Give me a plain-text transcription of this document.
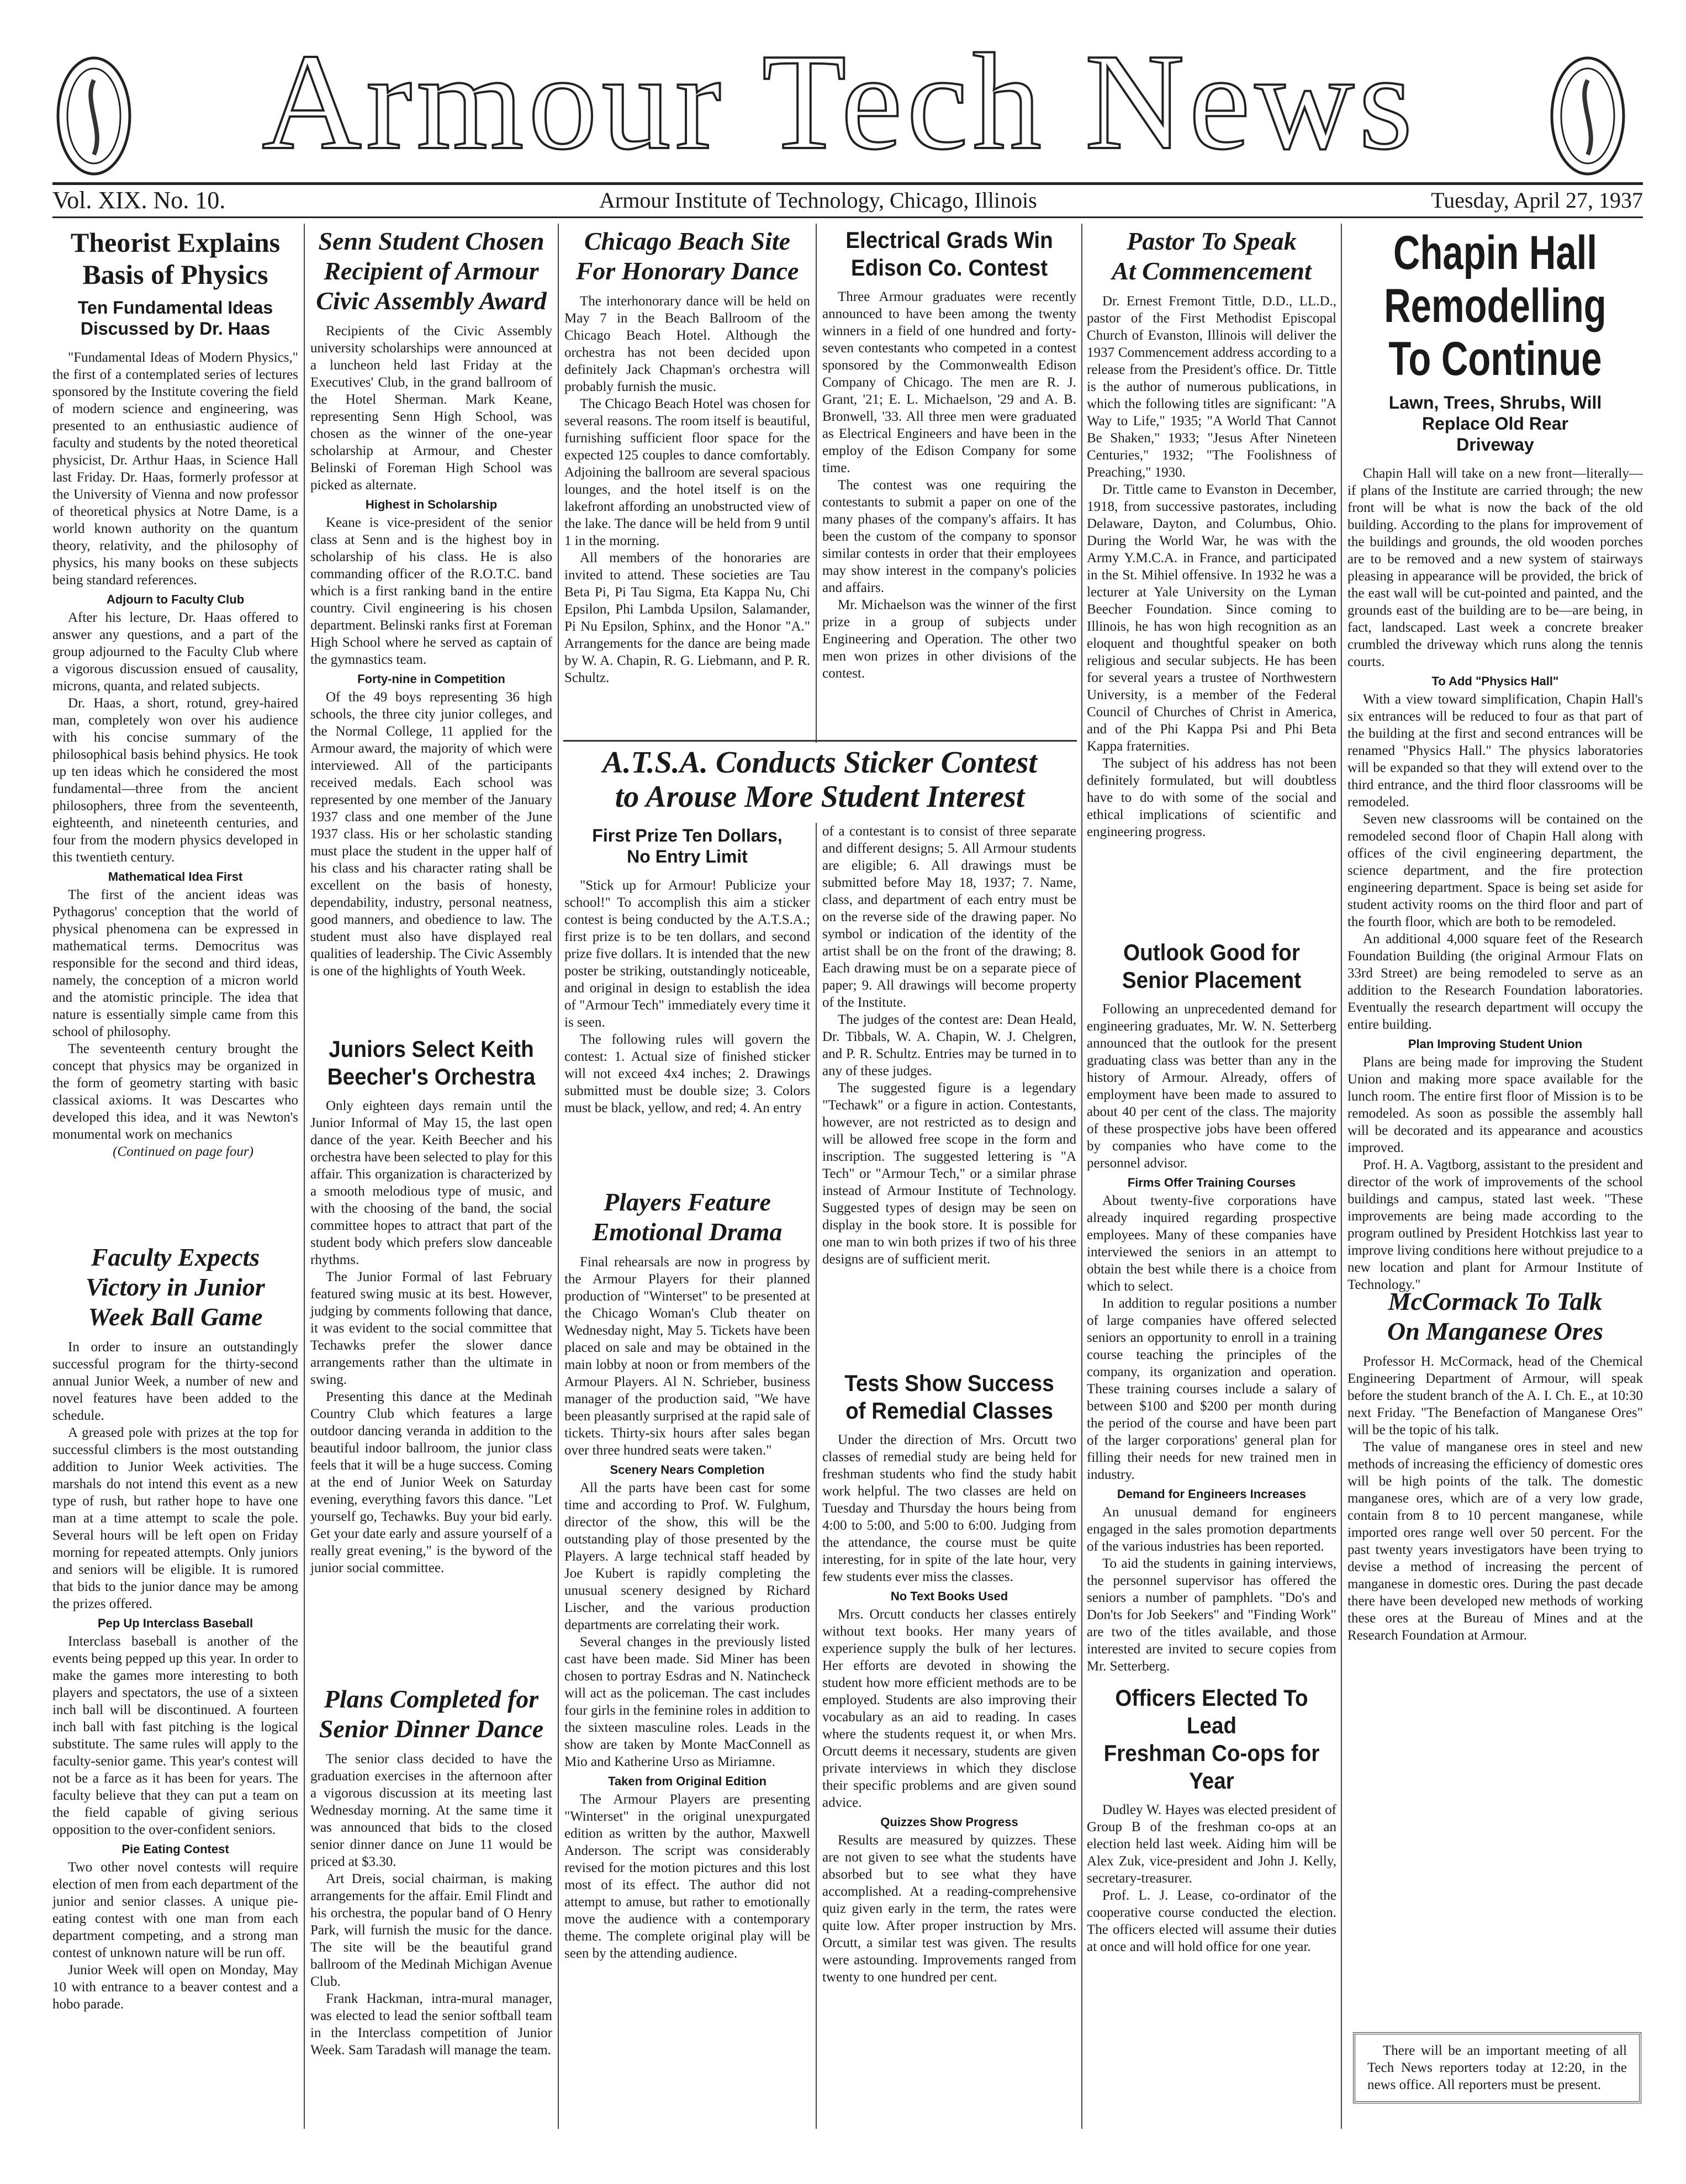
Armour Tech News
Vol. XIX. No. 10.	Armour Institute of Technology, Chicago, Illinois	Tuesday, April 27, 1937
Theorist Explains
Basis of Physics
Ten Fundamental Ideas
Discussed by Dr. Haas

"Fundamental Ideas of Modern Physics," the first of a contemplated series of lectures sponsored by the Institute covering the field of modern science and engineering, was presented to an enthusiastic audience of faculty and students by the noted theoretical physicist, Dr. Arthur Haas, in Science Hall last Friday. Dr. Haas, formerly professor at the University of Vienna and now professor of theoretical physics at Notre Dame, is a world known authority on the quantum theory, relativity, and the philosophy of physics, his many books on these subjects being standard references.

Adjourn to Faculty Club

After his lecture, Dr. Haas offered to answer any questions, and a part of the group adjourned to the Faculty Club where a vigorous discussion ensued of causality, microns, quanta, and related subjects.

Dr. Haas, a short, rotund, grey-haired man, completely won over his audience with his concise summary of the philosophical basis behind physics. He took up ten ideas which he considered the most fundamental—three from the ancient philosophers, three from the seventeenth, eighteenth, and nineteenth centuries, and four from the modern physics developed in this twentieth century.

Mathematical Idea First

The first of the ancient ideas was Pythagorus' conception that the world of physical phenomena can be expressed in mathematical terms. Democritus was responsible for the second and third ideas, namely, the conception of a micron world and the atomistic principle. The idea that nature is essentially simple came from this school of philosophy.

The seventeenth century brought the concept that physics may be organized in the form of geometry starting with basic classical axioms. It was Descartes who developed this idea, and it was Newton's monumental work on mechanics

(Continued on page four)

Faculty Expects
Victory in Junior
Week Ball Game

In order to insure an outstandingly successful program for the thirty-second annual Junior Week, a number of new and novel features have been added to the schedule.

A greased pole with prizes at the top for successful climbers is the most outstanding addition to Junior Week activities. The marshals do not intend this event as a new type of rush, but rather hope to have one man at a time attempt to scale the pole. Several hours will be left open on Friday morning for repeated attempts. Only juniors and seniors will be eligible. It is rumored that bids to the junior dance may be among the prizes offered.

Pep Up Interclass Baseball

Interclass baseball is another of the events being pepped up this year. In order to make the games more interesting to both players and spectators, the use of a sixteen inch ball will be discontinued. A fourteen inch ball with fast pitching is the logical substitute. The same rules will apply to the faculty-senior game. This year's contest will not be a farce as it has been for years. The faculty believe that they can put a team on the field capable of giving serious opposition to the over-confident seniors.

Pie Eating Contest

Two other novel contests will require election of men from each department of the junior and senior classes. A unique pie-eating contest with one man from each department competing, and a strong man contest of unknown nature will be run off.

Junior Week will open on Monday, May 10 with entrance to a beaver contest and a hobo parade.

Senn Student Chosen
Recipient of Armour
Civic Assembly Award

Recipients of the Civic Assembly university scholarships were announced at a luncheon held last Friday at the Executives' Club, in the grand ballroom of the Hotel Sherman. Mark Keane, representing Senn High School, was chosen as the winner of the one-year scholarship at Armour, and Chester Belinski of Foreman High School was picked as alternate.

Highest in Scholarship

Keane is vice-president of the senior class at Senn and is the highest boy in scholarship of his class. He is also commanding officer of the R.O.T.C. band which is a first ranking band in the entire country. Civil engineering is his chosen department. Belinski ranks first at Foreman High School where he served as captain of the gymnastics team.

Forty-nine in Competition

Of the 49 boys representing 36 high schools, the three city junior colleges, and the Normal College, 11 applied for the Armour award, the majority of which were interviewed. All of the participants received medals. Each school was represented by one member of the January 1937 class and one member of the June 1937 class. His or her scholastic standing must place the student in the upper half of his class and his character rating shall be excellent on the basis of honesty, dependability, industry, personal neatness, good manners, and obedience to law. The student must also have displayed real qualities of leadership. The Civic Assembly is one of the highlights of Youth Week.

Juniors Select Keith
Beecher's Orchestra

Only eighteen days remain until the Junior Informal of May 15, the last open dance of the year. Keith Beecher and his orchestra have been selected to play for this affair. This organization is characterized by a smooth melodious type of music, and with the choosing of the band, the social committee hopes to attract that part of the student body which prefers slow danceable rhythms.

The Junior Formal of last February featured swing music at its best. However, judging by comments following that dance, it was evident to the social committee that Techawks prefer the slower dance arrangements rather than the ultimate in swing.

Presenting this dance at the Medinah Country Club which features a large outdoor dancing veranda in addition to the beautiful indoor ballroom, the junior class feels that it will be a huge success. Coming at the end of Junior Week on Saturday evening, everything favors this dance. "Let yourself go, Techawks. Buy your bid early. Get your date early and assure yourself of a really great evening," is the byword of the junior social committee.

Plans Completed for
Senior Dinner Dance

The senior class decided to have the graduation exercises in the afternoon after a vigorous discussion at its meeting last Wednesday morning. At the same time it was announced that bids to the closed senior dinner dance on June 11 would be priced at $3.30.

Art Dreis, social chairman, is making arrangements for the affair. Emil Flindt and his orchestra, the popular band of O Henry Park, will furnish the music for the dance. The site will be the beautiful grand ballroom of the Medinah Michigan Avenue Club.

Frank Hackman, intra-mural manager, was elected to lead the senior softball team in the Interclass competition of Junior Week. Sam Taradash will manage the team.

Chicago Beach Site
For Honorary Dance

The interhonorary dance will be held on May 7 in the Beach Ballroom of the Chicago Beach Hotel. Although the orchestra has not been decided upon definitely Jack Chapman's orchestra will probably furnish the music.

The Chicago Beach Hotel was chosen for several reasons. The room itself is beautiful, furnishing sufficient floor space for the expected 125 couples to dance comfortably. Adjoining the ballroom are several spacious lounges, and the hotel itself is on the lakefront affording an unobstructed view of the lake. The dance will be held from 9 until 1 in the morning.

All members of the honoraries are invited to attend. These societies are Tau Beta Pi, Pi Tau Sigma, Eta Kappa Nu, Chi Epsilon, Phi Lambda Upsilon, Salamander, Pi Nu Epsilon, Sphinx, and the Honor "A." Arrangements for the dance are being made by W. A. Chapin, R. G. Liebmann, and P. R. Schultz.

A.T.S.A. Conducts Sticker Contest
to Arouse More Student Interest
First Prize Ten Dollars,
No Entry Limit

"Stick up for Armour! Publicize your school!" To accomplish this aim a sticker contest is being conducted by the A.T.S.A.; first prize is to be ten dollars, and second prize five dollars. It is intended that the new poster be striking, outstandingly noticeable, and original in design to establish the idea of "Armour Tech" immediately every time it is seen.

The following rules will govern the contest: 1. Actual size of finished sticker will not exceed 4x4 inches; 2. Drawings submitted must be double size; 3. Colors must be black, yellow, and red; 4. An entry

Players Feature
Emotional Drama

Final rehearsals are now in progress by the Armour Players for their planned production of "Winterset" to be presented at the Chicago Woman's Club theater on Wednesday night, May 5. Tickets have been placed on sale and may be obtained in the main lobby at noon or from members of the Armour Players. Al N. Schrieber, business manager of the production said, "We have been pleasantly surprised at the rapid sale of tickets. Thirty-six hours after sales began over three hundred seats were taken."

Scenery Nears Completion

All the parts have been cast for some time and according to Prof. W. Fulghum, director of the show, this will be the outstanding play of those presented by the Players. A large technical staff headed by Joe Kubert is rapidly completing the unusual scenery designed by Richard Lischer, and the various production departments are correlating their work.

Several changes in the previously listed cast have been made. Sid Miner has been chosen to portray Esdras and N. Natincheck will act as the policeman. The cast includes four girls in the feminine roles in addition to the sixteen masculine roles. Leads in the show are taken by Monte MacConnell as Mio and Katherine Urso as Miriamne.

Taken from Original Edition

The Armour Players are presenting "Winterset" in the original unexpurgated edition as written by the author, Maxwell Anderson. The script was considerably revised for the motion pictures and this lost most of its effect. The author did not attempt to amuse, but rather to emotionally move the audience with a contemporary theme. The complete original play will be seen by the attending audience.

Electrical Grads Win
Edison Co. Contest

Three Armour graduates were recently announced to have been among the twenty winners in a field of one hundred and forty-seven contestants who competed in a contest sponsored by the Commonwealth Edison Company of Chicago. The men are R. J. Grant, '21; E. L. Michaelson, '29 and A. B. Bronwell, '33. All three men were graduated as Electrical Engineers and have been in the employ of the Edison Company for some time.

The contest was one requiring the contestants to submit a paper on one of the many phases of the company's affairs. It has been the custom of the company to sponsor similar contests in order that their employees may show interest in the company's policies and affairs.

Mr. Michaelson was the winner of the first prize in a group of subjects under Engineering and Operation. The other two men won prizes in other divisions of the contest.

of a contestant is to consist of three separate and different designs; 5. All Armour students are eligible; 6. All drawings must be submitted before May 18, 1937; 7. Name, class, and department of each entry must be on the reverse side of the drawing paper. No symbol or indication of the identity of the artist shall be on the front of the drawing; 8. Each drawing must be on a separate piece of paper; 9. All drawings will become property of the Institute.

The judges of the contest are: Dean Heald, Dr. Tibbals, W. A. Chapin, W. J. Chelgren, and P. R. Schultz. Entries may be turned in to any of these judges.

The suggested figure is a legendary "Techawk" or a figure in action. Contestants, however, are not restricted as to design and will be allowed free scope in the form and inscription. The suggested lettering is "A Tech" or "Armour Tech," or a similar phrase instead of Armour Institute of Technology. Suggested types of design may be seen on display in the book store. It is possible for one man to win both prizes if two of his three designs are of sufficient merit.

Tests Show Success
of Remedial Classes

Under the direction of Mrs. Orcutt two classes of remedial study are being held for freshman students who find the study habit work helpful. The two classes are held on Tuesday and Thursday the hours being from 4:00 to 5:00, and 5:00 to 6:00. Judging from the attendance, the course must be quite interesting, for in spite of the late hour, very few students ever miss the classes.

No Text Books Used

Mrs. Orcutt conducts her classes entirely without text books. Her many years of experience supply the bulk of her lectures. Her efforts are devoted in showing the student how more efficient methods are to be employed. Students are also improving their vocabulary as an aid to reading. In cases where the students request it, or when Mrs. Orcutt deems it necessary, students are given private interviews in which they disclose their specific problems and are given sound advice.

Quizzes Show Progress

Results are measured by quizzes. These are not given to see what the students have absorbed but to see what they have accomplished. At a reading-comprehensive quiz given early in the term, the rates were quite low. After proper instruction by Mrs. Orcutt, a similar test was given. The results were astounding. Improvements ranged from twenty to one hundred per cent.

Pastor To Speak
At Commencement

Dr. Ernest Fremont Tittle, D.D., LL.D., pastor of the First Methodist Episcopal Church of Evanston, Illinois will deliver the 1937 Commencement address according to a release from the President's office. Dr. Tittle is the author of numerous publications, in which the following titles are significant: "A Way to Life," 1935; "A World That Cannot Be Shaken," 1933; "Jesus After Nineteen Centuries," 1932; "The Foolishness of Preaching," 1930.

Dr. Tittle came to Evanston in December, 1918, from successive pastorates, including Delaware, Dayton, and Columbus, Ohio. During the World War, he was with the Army Y.M.C.A. in France, and participated in the St. Mihiel offensive. In 1932 he was a lecturer at Yale University on the Lyman Beecher Foundation. Since coming to Illinois, he has won high recognition as an eloquent and thoughtful speaker on both religious and secular subjects. He has been for several years a trustee of Northwestern University, is a member of the Federal Council of Churches of Christ in America, and of the Phi Kappa Psi and Phi Beta Kappa fraternities.

The subject of his address has not been definitely formulated, but will doubtless have to do with some of the social and ethical implications of scientific and engineering progress.

Outlook Good for
Senior Placement

Following an unprecedented demand for engineering graduates, Mr. W. N. Setterberg announced that the outlook for the present graduating class was better than any in the history of Armour. Already, offers of employment have been made to assured to about 40 per cent of the class. The majority of these prospective jobs have been offered by companies who have come to the personnel advisor.

Firms Offer Training Courses

About twenty-five corporations have already inquired regarding prospective employees. Many of these companies have interviewed the seniors in an attempt to obtain the best while there is a choice from which to select.

In addition to regular positions a number of large companies have offered selected seniors an opportunity to enroll in a training course teaching the principles of the company, its organization and operation. These training courses include a salary of between $100 and $200 per month during the period of the course and have been part of the larger corporations' general plan for filling their needs for new trained men in industry.

Demand for Engineers Increases

An unusual demand for engineers engaged in the sales promotion departments of the various industries has been reported.

To aid the students in gaining interviews, the personnel supervisor has offered the seniors a number of pamphlets. "Do's and Don'ts for Job Seekers" and "Finding Work" are two of the titles available, and those interested are invited to secure copies from Mr. Setterberg.

Officers Elected To Lead
Freshman Co-ops for Year

Dudley W. Hayes was elected president of Group B of the freshman co-ops at an election held last week. Aiding him will be Alex Zuk, vice-president and John J. Kelly, secretary-treasurer.

Prof. L. J. Lease, co-ordinator of the cooperative course conducted the election. The officers elected will assume their duties at once and will hold office for one year.

Chapin Hall
Remodelling
To Continue
Lawn, Trees, Shrubs, Will
Replace Old Rear
Driveway

Chapin Hall will take on a new front—literally—if plans of the Institute are carried through; the new front will be what is now the back of the old building. According to the plans for improvement of the buildings and grounds, the old wooden porches are to be removed and a new system of stairways pleasing in appearance will be provided, the brick of the east wall will be cut-pointed and painted, and the grounds east of the building are to be—are being, in fact, landscaped. Last week a concrete breaker crumbled the driveway which runs along the tennis courts.

To Add "Physics Hall"

With a view toward simplification, Chapin Hall's six entrances will be reduced to four as that part of the building at the first and second entrances will be renamed "Physics Hall." The physics laboratories will be expanded so that they will extend over to the third entrance, and the third floor classrooms will be remodeled.

Seven new classrooms will be contained on the remodeled second floor of Chapin Hall along with offices of the civil engineering department, the science department, and the fire protection engineering department. Space is being set aside for student activity rooms on the third floor and part of the fourth floor, which are both to be remodeled.

An additional 4,000 square feet of the Research Foundation Building (the original Armour Flats on 33rd Street) are being remodeled to serve as an addition to the Research Foundation laboratories. Eventually the research department will occupy the entire building.

Plan Improving Student Union

Plans are being made for improving the Student Union and making more space available for the lunch room. The entire first floor of Mission is to be remodeled. As soon as possible the assembly hall will be decorated and its appearance and acoustics improved.

Prof. H. A. Vagtborg, assistant to the president and director of the work of improvements of the school buildings and campus, stated last week. "These improvements are being made according to the program outlined by President Hotchkiss last year to improve living conditions here without prejudice to a new location and plant for Armour Institute of Technology."

McCormack To Talk
On Manganese Ores

Professor H. McCormack, head of the Chemical Engineering Department of Armour, will speak before the student branch of the A. I. Ch. E., at 10:30 next Friday. "The Benefaction of Manganese Ores" will be the topic of his talk.

The value of manganese ores in steel and new methods of increasing the efficiency of domestic ores will be high points of the talk. The domestic manganese ores, which are of a very low grade, contain from 8 to 10 percent manganese, while imported ores range well over 50 percent. For the past twenty years investigators have been trying to devise a method of increasing the percent of manganese in domestic ores. During the past decade there have been developed new methods of working these ores at the Bureau of Mines and at the Research Foundation at Armour.

There will be an important meeting of all Tech News reporters today at 12:20, in the news office. All reporters must be present.
